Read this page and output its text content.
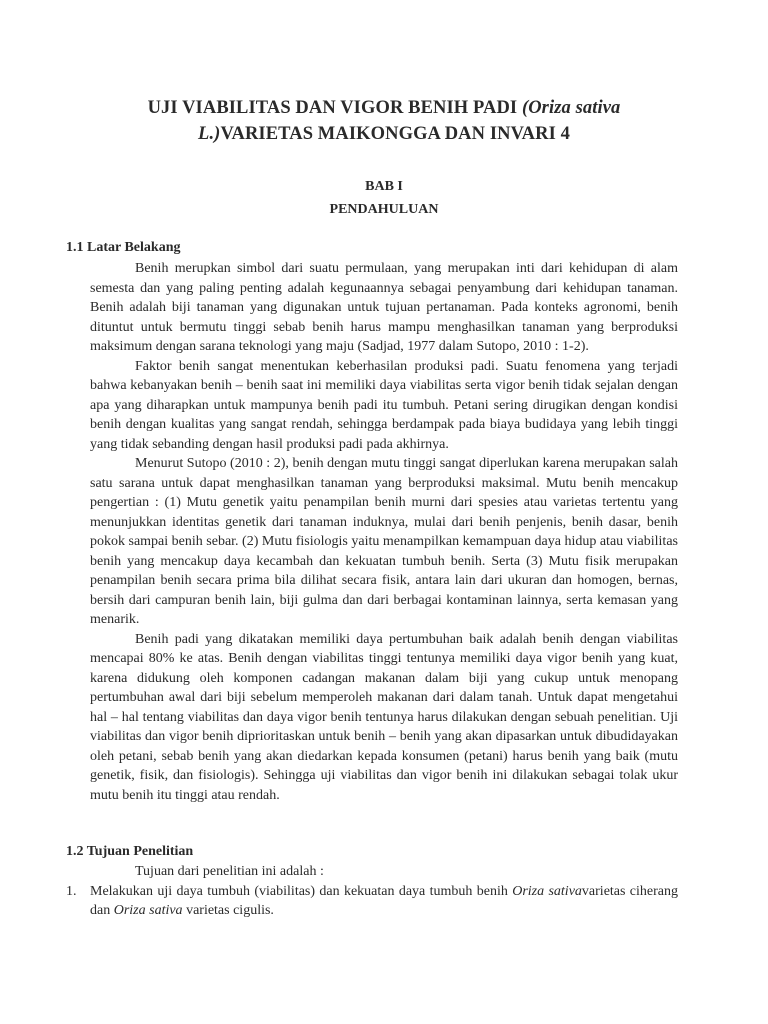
UJI VIABILITAS DAN VIGOR BENIH PADI (Oriza sativa
L.)VARIETAS MAIKONGGA DAN INVARI 4
BAB I
PENDAHULUAN
1.1 Latar Belakang

Benih merupkan simbol dari suatu permulaan, yang merupakan inti dari kehidupan di alam semesta dan yang paling penting adalah kegunaannya sebagai penyambung dari kehidupan tanaman. Benih adalah biji tanaman yang digunakan untuk tujuan pertanaman. Pada konteks agronomi, benih dituntut untuk bermutu tinggi sebab benih harus mampu menghasilkan tanaman yang berproduksi maksimum dengan sarana teknologi yang maju (Sadjad, 1977 dalam Sutopo, 2010 : 1-2).

Faktor benih sangat menentukan keberhasilan produksi padi. Suatu fenomena yang terjadi bahwa kebanyakan benih – benih saat ini memiliki daya viabilitas serta vigor benih tidak sejalan dengan apa yang diharapkan untuk mampunya benih padi itu tumbuh. Petani sering dirugikan dengan kondisi benih dengan kualitas yang sangat rendah, sehingga berdampak pada biaya budidaya yang lebih tinggi yang tidak sebanding dengan hasil produksi padi pada akhirnya.

Menurut Sutopo (2010 : 2), benih dengan mutu tinggi sangat diperlukan karena merupakan salah satu sarana untuk dapat menghasilkan tanaman yang berproduksi maksimal. Mutu benih mencakup pengertian : (1) Mutu genetik yaitu penampilan benih murni dari spesies atau varietas tertentu yang menunjukkan identitas genetik dari tanaman induknya, mulai dari benih penjenis, benih dasar, benih pokok sampai benih sebar. (2) Mutu fisiologis yaitu menampilkan kemampuan daya hidup atau viabilitas benih yang mencakup daya kecambah dan kekuatan tumbuh benih. Serta (3) Mutu fisik merupakan penampilan benih secara prima bila dilihat secara fisik, antara lain dari ukuran dan homogen, bernas, bersih dari campuran benih lain, biji gulma dan dari berbagai kontaminan lainnya, serta kemasan yang menarik.

Benih padi yang dikatakan memiliki daya pertumbuhan baik adalah benih dengan viabilitas mencapai 80% ke atas. Benih dengan viabilitas tinggi tentunya memiliki daya vigor benih yang kuat, karena didukung oleh komponen cadangan makanan dalam biji yang cukup untuk menopang pertumbuhan awal dari biji sebelum memperoleh makanan dari dalam tanah. Untuk dapat mengetahui hal – hal tentang viabilitas dan daya vigor benih tentunya harus dilakukan dengan sebuah penelitian. Uji viabilitas dan vigor benih diprioritaskan untuk benih – benih yang akan dipasarkan untuk dibudidayakan oleh petani, sebab benih yang akan diedarkan kepada konsumen (petani) harus benih yang baik (mutu genetik, fisik, dan fisiologis). Sehingga uji viabilitas dan vigor benih ini dilakukan sebagai tolak ukur mutu benih itu tinggi atau rendah.

1.2 Tujuan Penelitian
Tujuan dari penelitian ini adalah :
1. Melakukan uji daya tumbuh (viabilitas) dan kekuatan daya tumbuh benih Oriza sativavarietas ciherang dan Oriza sativa varietas cigulis.
